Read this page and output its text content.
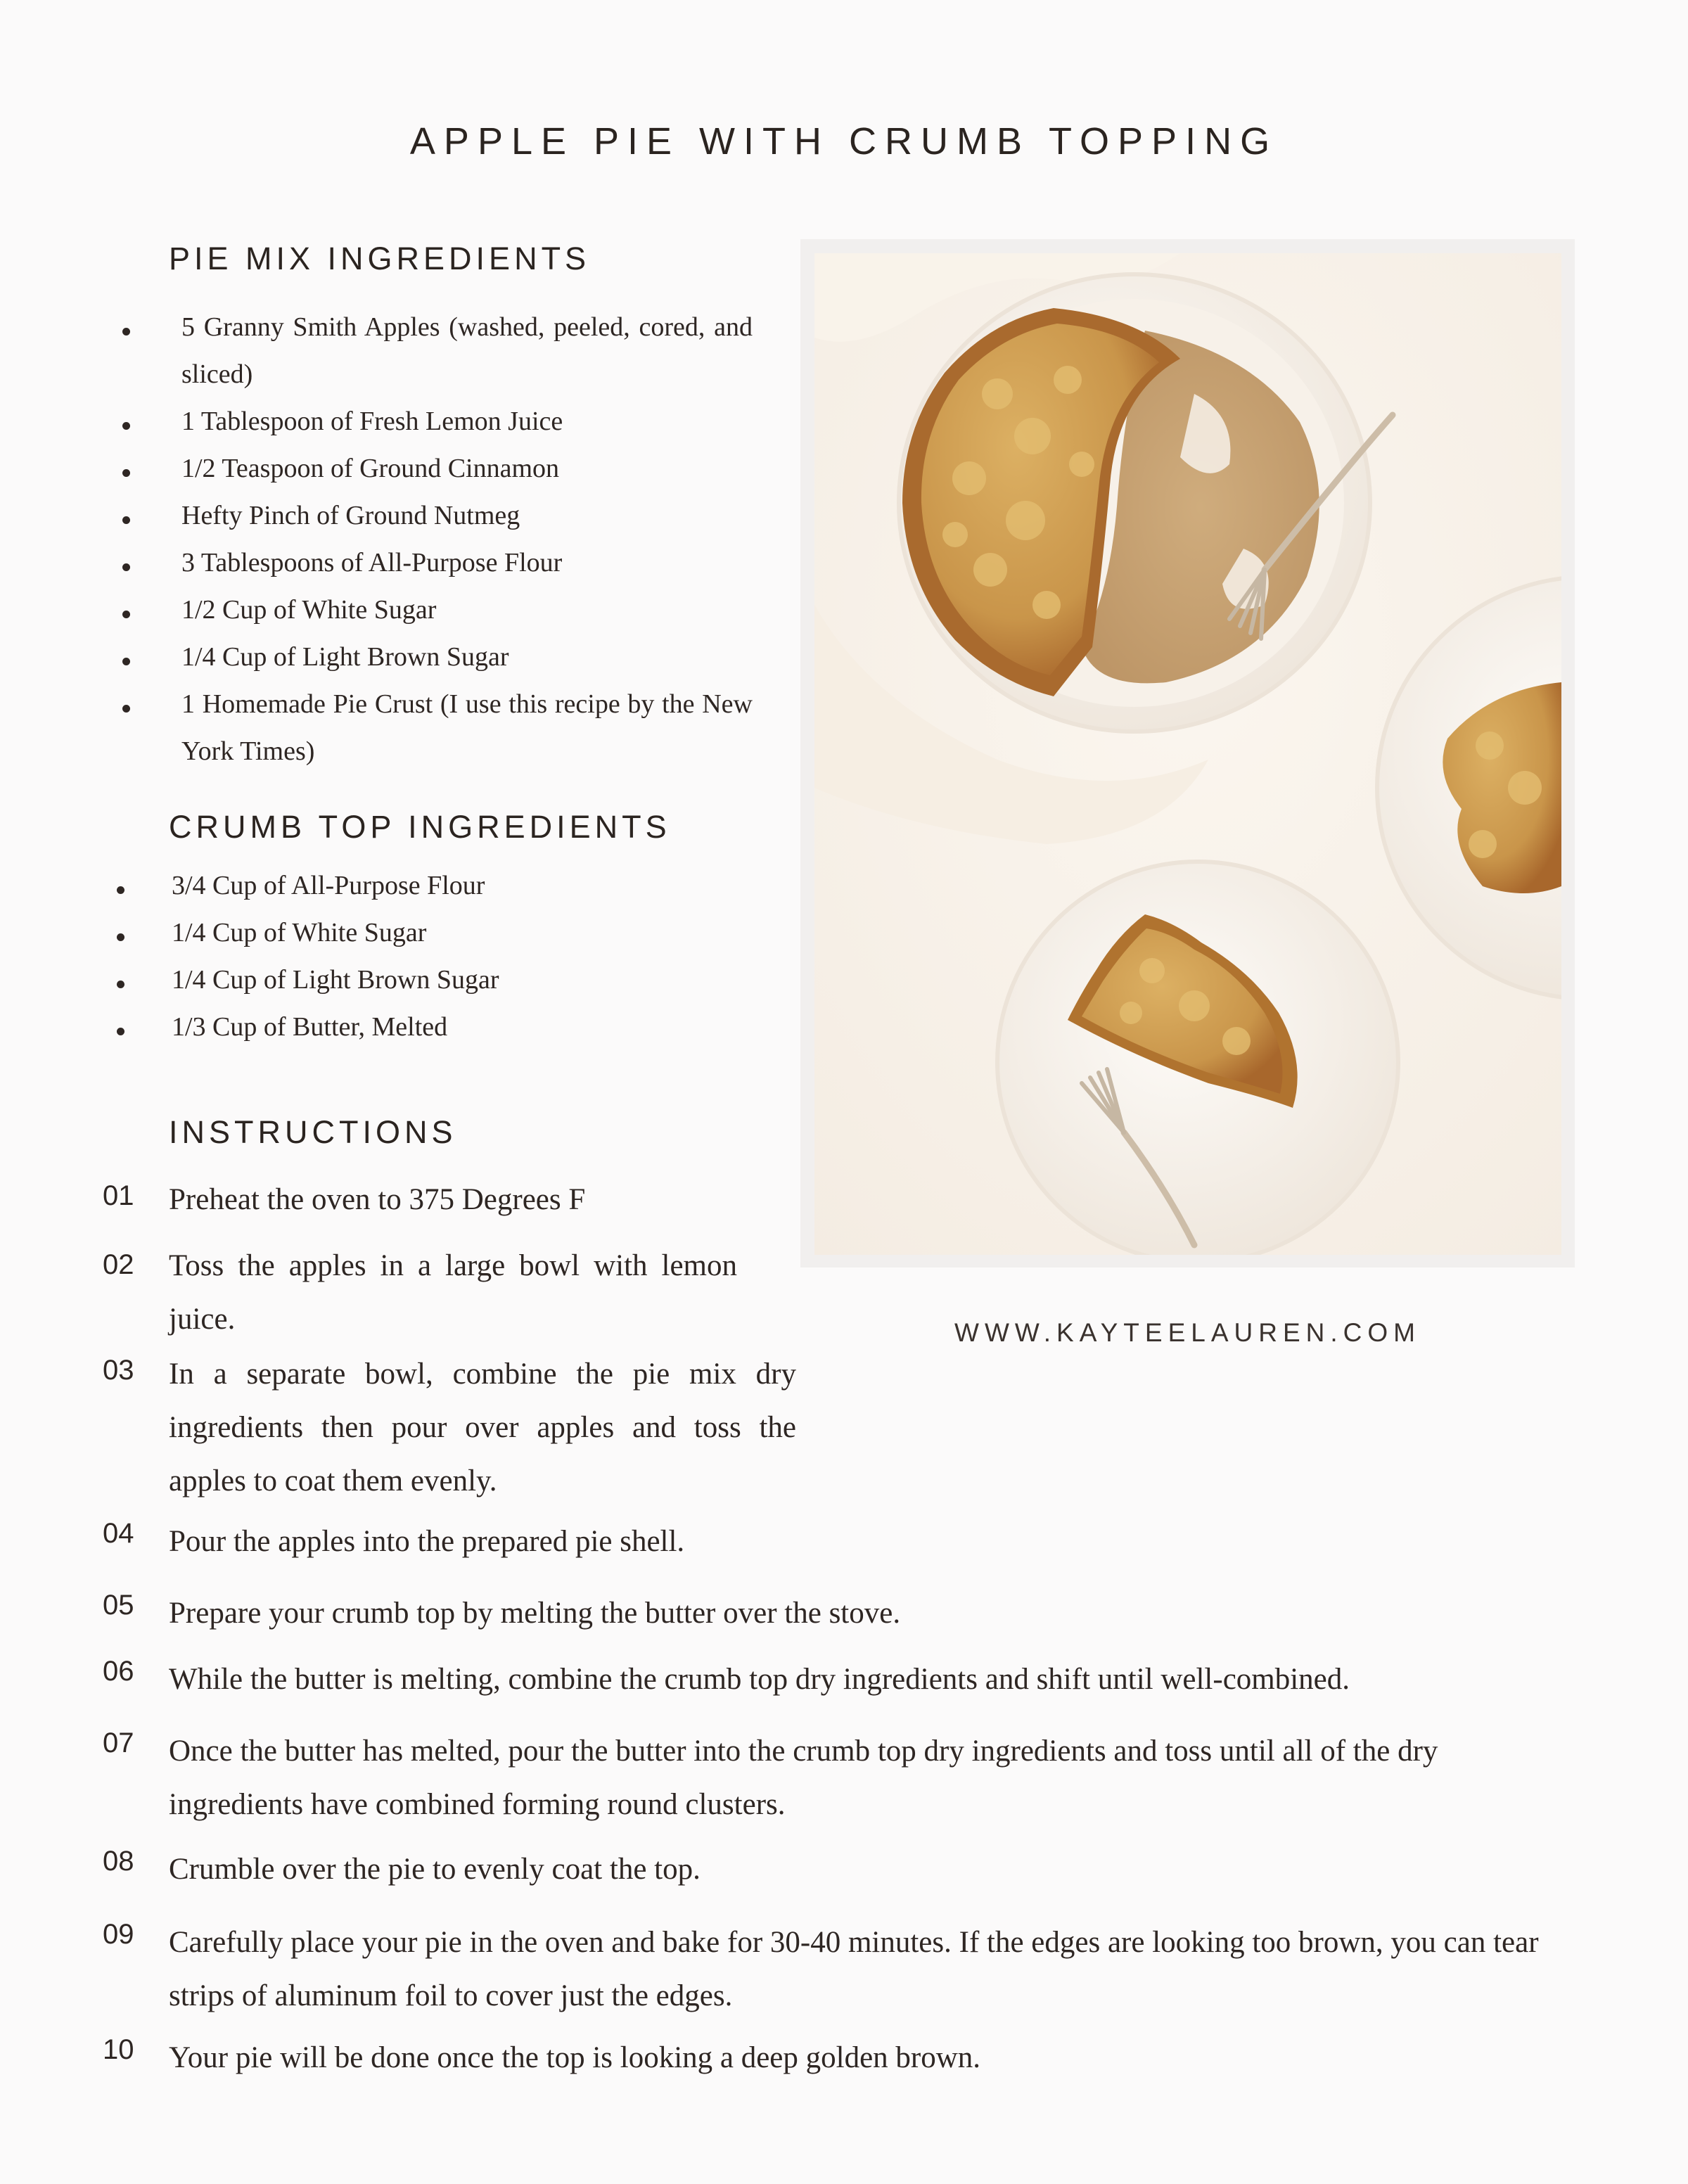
APPLE PIE WITH CRUMB TOPPING
PIE MIX INGREDIENTS
5 Granny Smith Apples (washed, peeled, cored, and sliced)
1 Tablespoon of Fresh Lemon Juice
1/2 Teaspoon of Ground Cinnamon
Hefty Pinch of Ground Nutmeg
3 Tablespoons of All-Purpose Flour
1/2 Cup of White Sugar
1/4 Cup of Light Brown Sugar
1 Homemade Pie Crust (I use this recipe by the New York Times)
CRUMB TOP INGREDIENTS
3/4 Cup of All-Purpose Flour
1/4 Cup of White Sugar
1/4 Cup of Light Brown Sugar
1/3 Cup of Butter, Melted
WWW.KAYTEELAUREN.COM
INSTRUCTIONS
01 Preheat the oven to 375 Degrees F
02 Toss the apples in a large bowl with lemon juice.
03 In a separate bowl, combine the pie mix dry ingredients then pour over apples and toss the apples to coat them evenly.
04 Pour the apples into the prepared pie shell.
05 Prepare your crumb top by melting the butter over the stove.
06 While the butter is melting, combine the crumb top dry ingredients and shift until well-combined.
07 Once the butter has melted, pour the butter into the crumb top dry ingredients and toss until all of the dry ingredients have combined forming round clusters.
08 Crumble over the pie to evenly coat the top.
09 Carefully place your pie in the oven and bake for 30-40 minutes. If the edges are looking too brown, you can tear strips of aluminum foil to cover just the edges.
10 Your pie will be done once the top is looking a deep golden brown.
